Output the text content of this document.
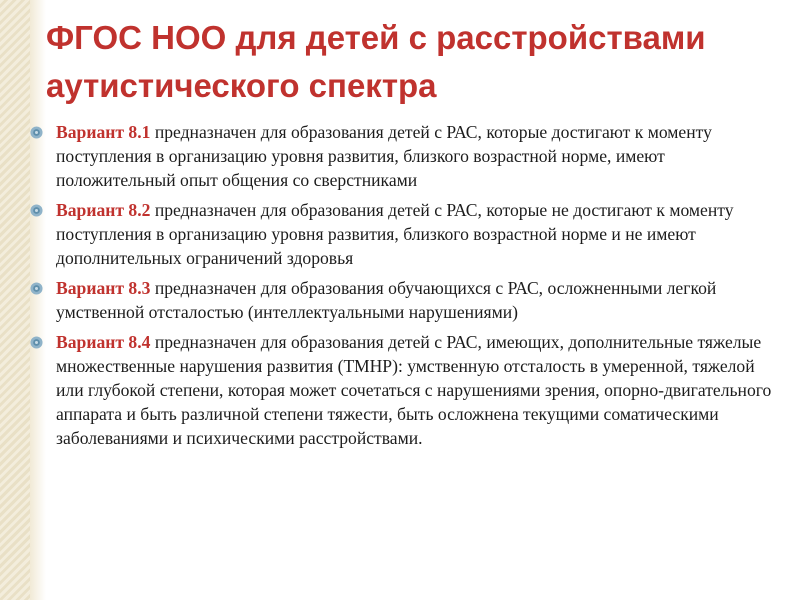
ФГОС НОО для детей с расстройствами аутистического спектра
Вариант 8.1 предназначен для образования детей с РАС, которые достигают к моменту поступления в организацию уровня развития, близкого возрастной норме, имеют положительный опыт общения со сверстниками
Вариант 8.2 предназначен для образования детей с РАС, которые не достигают к моменту поступления в организацию уровня развития, близкого возрастной норме и не имеют дополнительных ограничений здоровья
Вариант 8.3 предназначен для образования обучающихся с РАС, осложненными легкой умственной отсталостью (интеллектуальными нарушениями)
Вариант 8.4 предназначен для образования детей с РАС, имеющих, дополнительные тяжелые множественные нарушения развития (ТМНР): умственную отсталость в умеренной, тяжелой или глубокой степени, которая может сочетаться с нарушениями зрения, опорно-двигательного аппарата и быть различной степени тяжести, быть осложнена текущими соматическими заболеваниями и психическими расстройствами.
